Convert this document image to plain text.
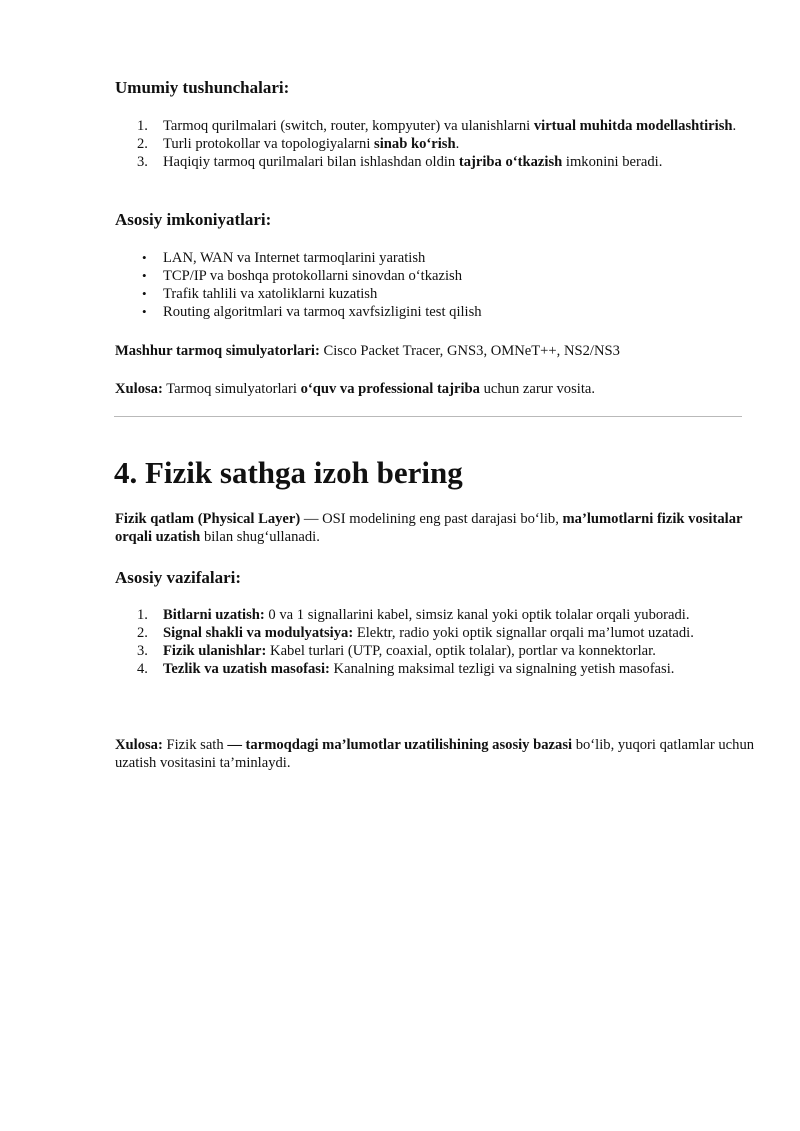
Umumiy tushunchalari:
1.	Tarmoq qurilmalari (switch, router, kompyuter) va ulanishlarni virtual muhitda modellashtirish.
2.	Turli protokollar va topologiyalarni sinab ko‘rish.
3.	Haqiqiy tarmoq qurilmalari bilan ishlashdan oldin tajriba o‘tkazish imkonini beradi.
Asosiy imkoniyatlari:
•	LAN, WAN va Internet tarmoqlarini yaratish
•	TCP/IP va boshqa protokollarni sinovdan o‘tkazish
•	Trafik tahlili va xatoliklarni kuzatish
•	Routing algoritmlari va tarmoq xavfsizligini test qilish

Mashhur tarmoq simulyatorlari: Cisco Packet Tracer, GNS3, OMNeT++, NS2/NS3

Xulosa: Tarmoq simulyatorlari o‘quv va professional tajriba uchun zarur vosita.

4. Fizik sathga izoh bering

Fizik qatlam (Physical Layer) — OSI modelining eng past darajasi bo‘lib, ma’lumotlarni fizik vositalar orqali uzatish bilan shug‘ullanadi.

Asosiy vazifalari:
1.	Bitlarni uzatish: 0 va 1 signallarini kabel, simsiz kanal yoki optik tolalar orqali yuboradi.
2.	Signal shakli va modulyatsiya: Elektr, radio yoki optik signallar orqali ma’lumot uzatadi.
3.	Fizik ulanishlar: Kabel turlari (UTP, coaxial, optik tolalar), portlar va konnektorlar.
4.	Tezlik va uzatish masofasi: Kanalning maksimal tezligi va signalning yetish masofasi.

Xulosa: Fizik sath — tarmoqdagi ma’lumotlar uzatilishining asosiy bazasi bo‘lib, yuqori qatlamlar uchun uzatish vositasini ta’minlaydi.
